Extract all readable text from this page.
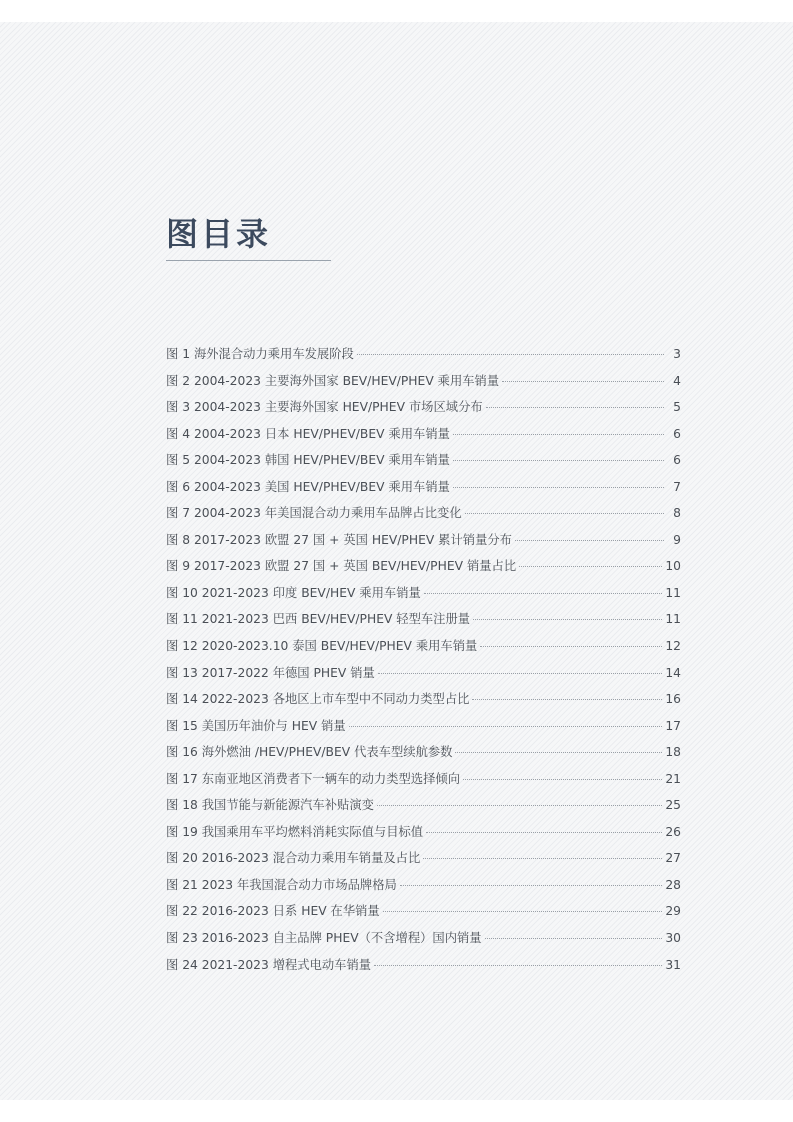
图目录
图 1 海外混合动力乘用车发展阶段	3
图 2 2004-2023 主要海外国家 BEV/HEV/PHEV 乘用车销量	4
图 3 2004-2023 主要海外国家 HEV/PHEV 市场区域分布	5
图 4 2004-2023 日本 HEV/PHEV/BEV 乘用车销量	6
图 5 2004-2023 韩国 HEV/PHEV/BEV 乘用车销量	6
图 6 2004-2023 美国 HEV/PHEV/BEV 乘用车销量	7
图 7 2004-2023 年美国混合动力乘用车品牌占比变化	8
图 8 2017-2023 欧盟 27 国 + 英国 HEV/PHEV 累计销量分布	9
图 9 2017-2023 欧盟 27 国 + 英国 BEV/HEV/PHEV 销量占比	10
图 10 2021-2023 印度 BEV/HEV 乘用车销量	11
图 11 2021-2023 巴西 BEV/HEV/PHEV 轻型车注册量	11
图 12 2020-2023.10 泰国 BEV/HEV/PHEV 乘用车销量	12
图 13 2017-2022 年德国 PHEV 销量	14
图 14 2022-2023 各地区上市车型中不同动力类型占比	16
图 15 美国历年油价与 HEV 销量	17
图 16 海外燃油 /HEV/PHEV/BEV 代表车型续航参数	18
图 17 东南亚地区消费者下一辆车的动力类型选择倾向	21
图 18 我国节能与新能源汽车补贴演变	25
图 19 我国乘用车平均燃料消耗实际值与目标值	26
图 20 2016-2023 混合动力乘用车销量及占比	27
图 21 2023 年我国混合动力市场品牌格局	28
图 22 2016-2023 日系 HEV 在华销量	29
图 23 2016-2023 自主品牌 PHEV（不含增程）国内销量	30
图 24 2021-2023 增程式电动车销量	31
